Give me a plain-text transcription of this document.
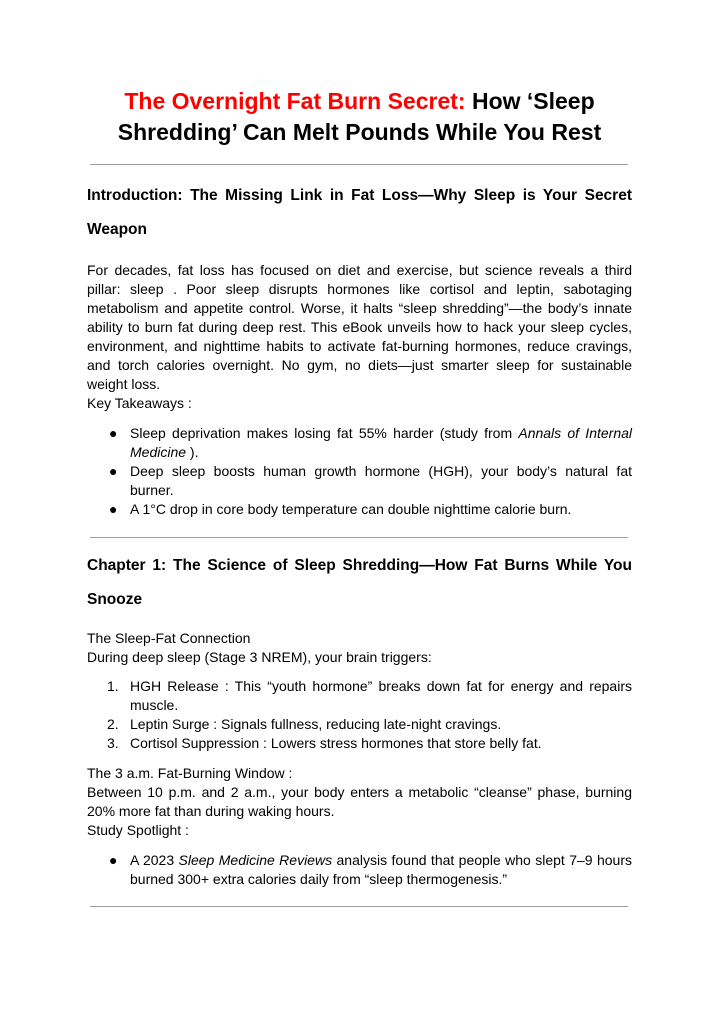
The Overnight Fat Burn Secret: How ‘Sleep Shredding’ Can Melt Pounds While You Rest
Introduction: The Missing Link in Fat Loss—Why Sleep is Your Secret Weapon

For decades, fat loss has focused on diet and exercise, but science reveals a third pillar: sleep . Poor sleep disrupts hormones like cortisol and leptin, sabotaging metabolism and appetite control. Worse, it halts “sleep shredding”—the body’s innate ability to burn fat during deep rest. This eBook unveils how to hack your sleep cycles, environment, and nighttime habits to activate fat-burning hormones, reduce cravings, and torch calories overnight. No gym, no diets—just smarter sleep for sustainable weight loss.

Key Takeaways :

● Sleep deprivation makes losing fat 55% harder (study from Annals of Internal Medicine ).
● Deep sleep boosts human growth hormone (HGH), your body’s natural fat burner.
● A 1°C drop in core body temperature can double nighttime calorie burn.
Chapter 1: The Science of Sleep Shredding—How Fat Burns While You Snooze

The Sleep-Fat Connection

During deep sleep (Stage 3 NREM), your brain triggers:

1. HGH Release : This “youth hormone” breaks down fat for energy and repairs muscle.
2. Leptin Surge : Signals fullness, reducing late-night cravings.
3. Cortisol Suppression : Lowers stress hormones that store belly fat.

The 3 a.m. Fat-Burning Window :

Between 10 p.m. and 2 a.m., your body enters a metabolic “cleanse” phase, burning 20% more fat than during waking hours.

Study Spotlight :

● A 2023 Sleep Medicine Reviews analysis found that people who slept 7–9 hours burned 300+ extra calories daily from “sleep thermogenesis.”
